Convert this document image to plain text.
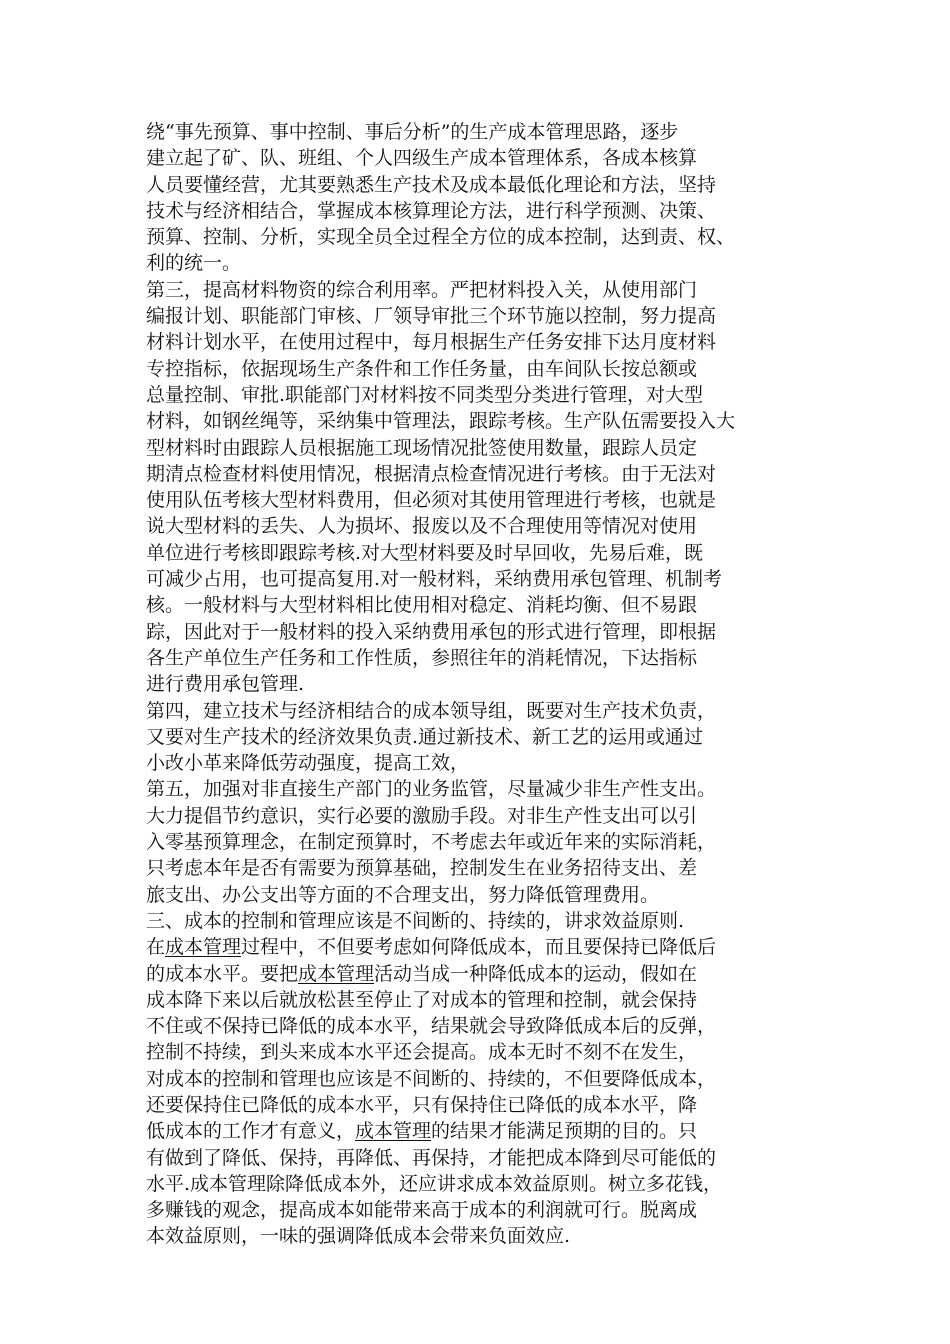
绕“事先预算、事中控制、事后分析”的生产成本管理思路，逐步
建立起了矿、队、班组、个人四级生产成本管理体系，各成本核算
人员要懂经营，尤其要熟悉生产技术及成本最低化理论和方法，坚持
技术与经济相结合，掌握成本核算理论方法，进行科学预测、决策、
预算、控制、分析，实现全员全过程全方位的成本控制，达到责、权、
利的统一。
第三，提高材料物资的综合利用率。严把材料投入关，从使用部门
编报计划、职能部门审核、厂领导审批三个环节施以控制，努力提高
材料计划水平，在使用过程中，每月根据生产任务安排下达月度材料
专控指标，依据现场生产条件和工作任务量，由车间队长按总额或
总量控制、审批.职能部门对材料按不同类型分类进行管理，对大型
材料，如钢丝绳等，采纳集中管理法，跟踪考核。生产队伍需要投入大
型材料时由跟踪人员根据施工现场情况批签使用数量，跟踪人员定
期清点检查材料使用情况，根据清点检查情况进行考核。由于无法对
使用队伍考核大型材料费用，但必须对其使用管理进行考核，也就是
说大型材料的丢失、人为损坏、报废以及不合理使用等情况对使用
单位进行考核即跟踪考核.对大型材料要及时早回收，先易后难，既
可减少占用，也可提高复用.对一般材料，采纳费用承包管理、机制考
核。一般材料与大型材料相比使用相对稳定、消耗均衡、但不易跟
踪，因此对于一般材料的投入采纳费用承包的形式进行管理，即根据
各生产单位生产任务和工作性质，参照往年的消耗情况，下达指标
进行费用承包管理.
第四，建立技术与经济相结合的成本领导组，既要对生产技术负责，
又要对生产技术的经济效果负责.通过新技术、新工艺的运用或通过
小改小革来降低劳动强度，提高工效，
第五，加强对非直接生产部门的业务监管，尽量减少非生产性支出。
大力提倡节约意识，实行必要的激励手段。对非生产性支出可以引
入零基预算理念，在制定预算时，不考虑去年或近年来的实际消耗，
只考虑本年是否有需要为预算基础，控制发生在业务招待支出、差
旅支出、办公支出等方面的不合理支出，努力降低管理费用。
三、成本的控制和管理应该是不间断的、持续的，讲求效益原则.
在成本管理过程中，不但要考虑如何降低成本，而且要保持已降低后
的成本水平。要把成本管理活动当成一种降低成本的运动，假如在
成本降下来以后就放松甚至停止了对成本的管理和控制，就会保持
不住或不保持已降低的成本水平，结果就会导致降低成本后的反弹，
控制不持续，到头来成本水平还会提高。成本无时不刻不在发生，
对成本的控制和管理也应该是不间断的、持续的，不但要降低成本，
还要保持住已降低的成本水平，只有保持住已降低的成本水平，降
低成本的工作才有意义，成本管理的结果才能满足预期的目的。只
有做到了降低、保持，再降低、再保持，才能把成本降到尽可能低的
水平.成本管理除降低成本外，还应讲求成本效益原则。树立多花钱，
多赚钱的观念，提高成本如能带来高于成本的利润就可行。脱离成
本效益原则，一味的强调降低成本会带来负面效应.
